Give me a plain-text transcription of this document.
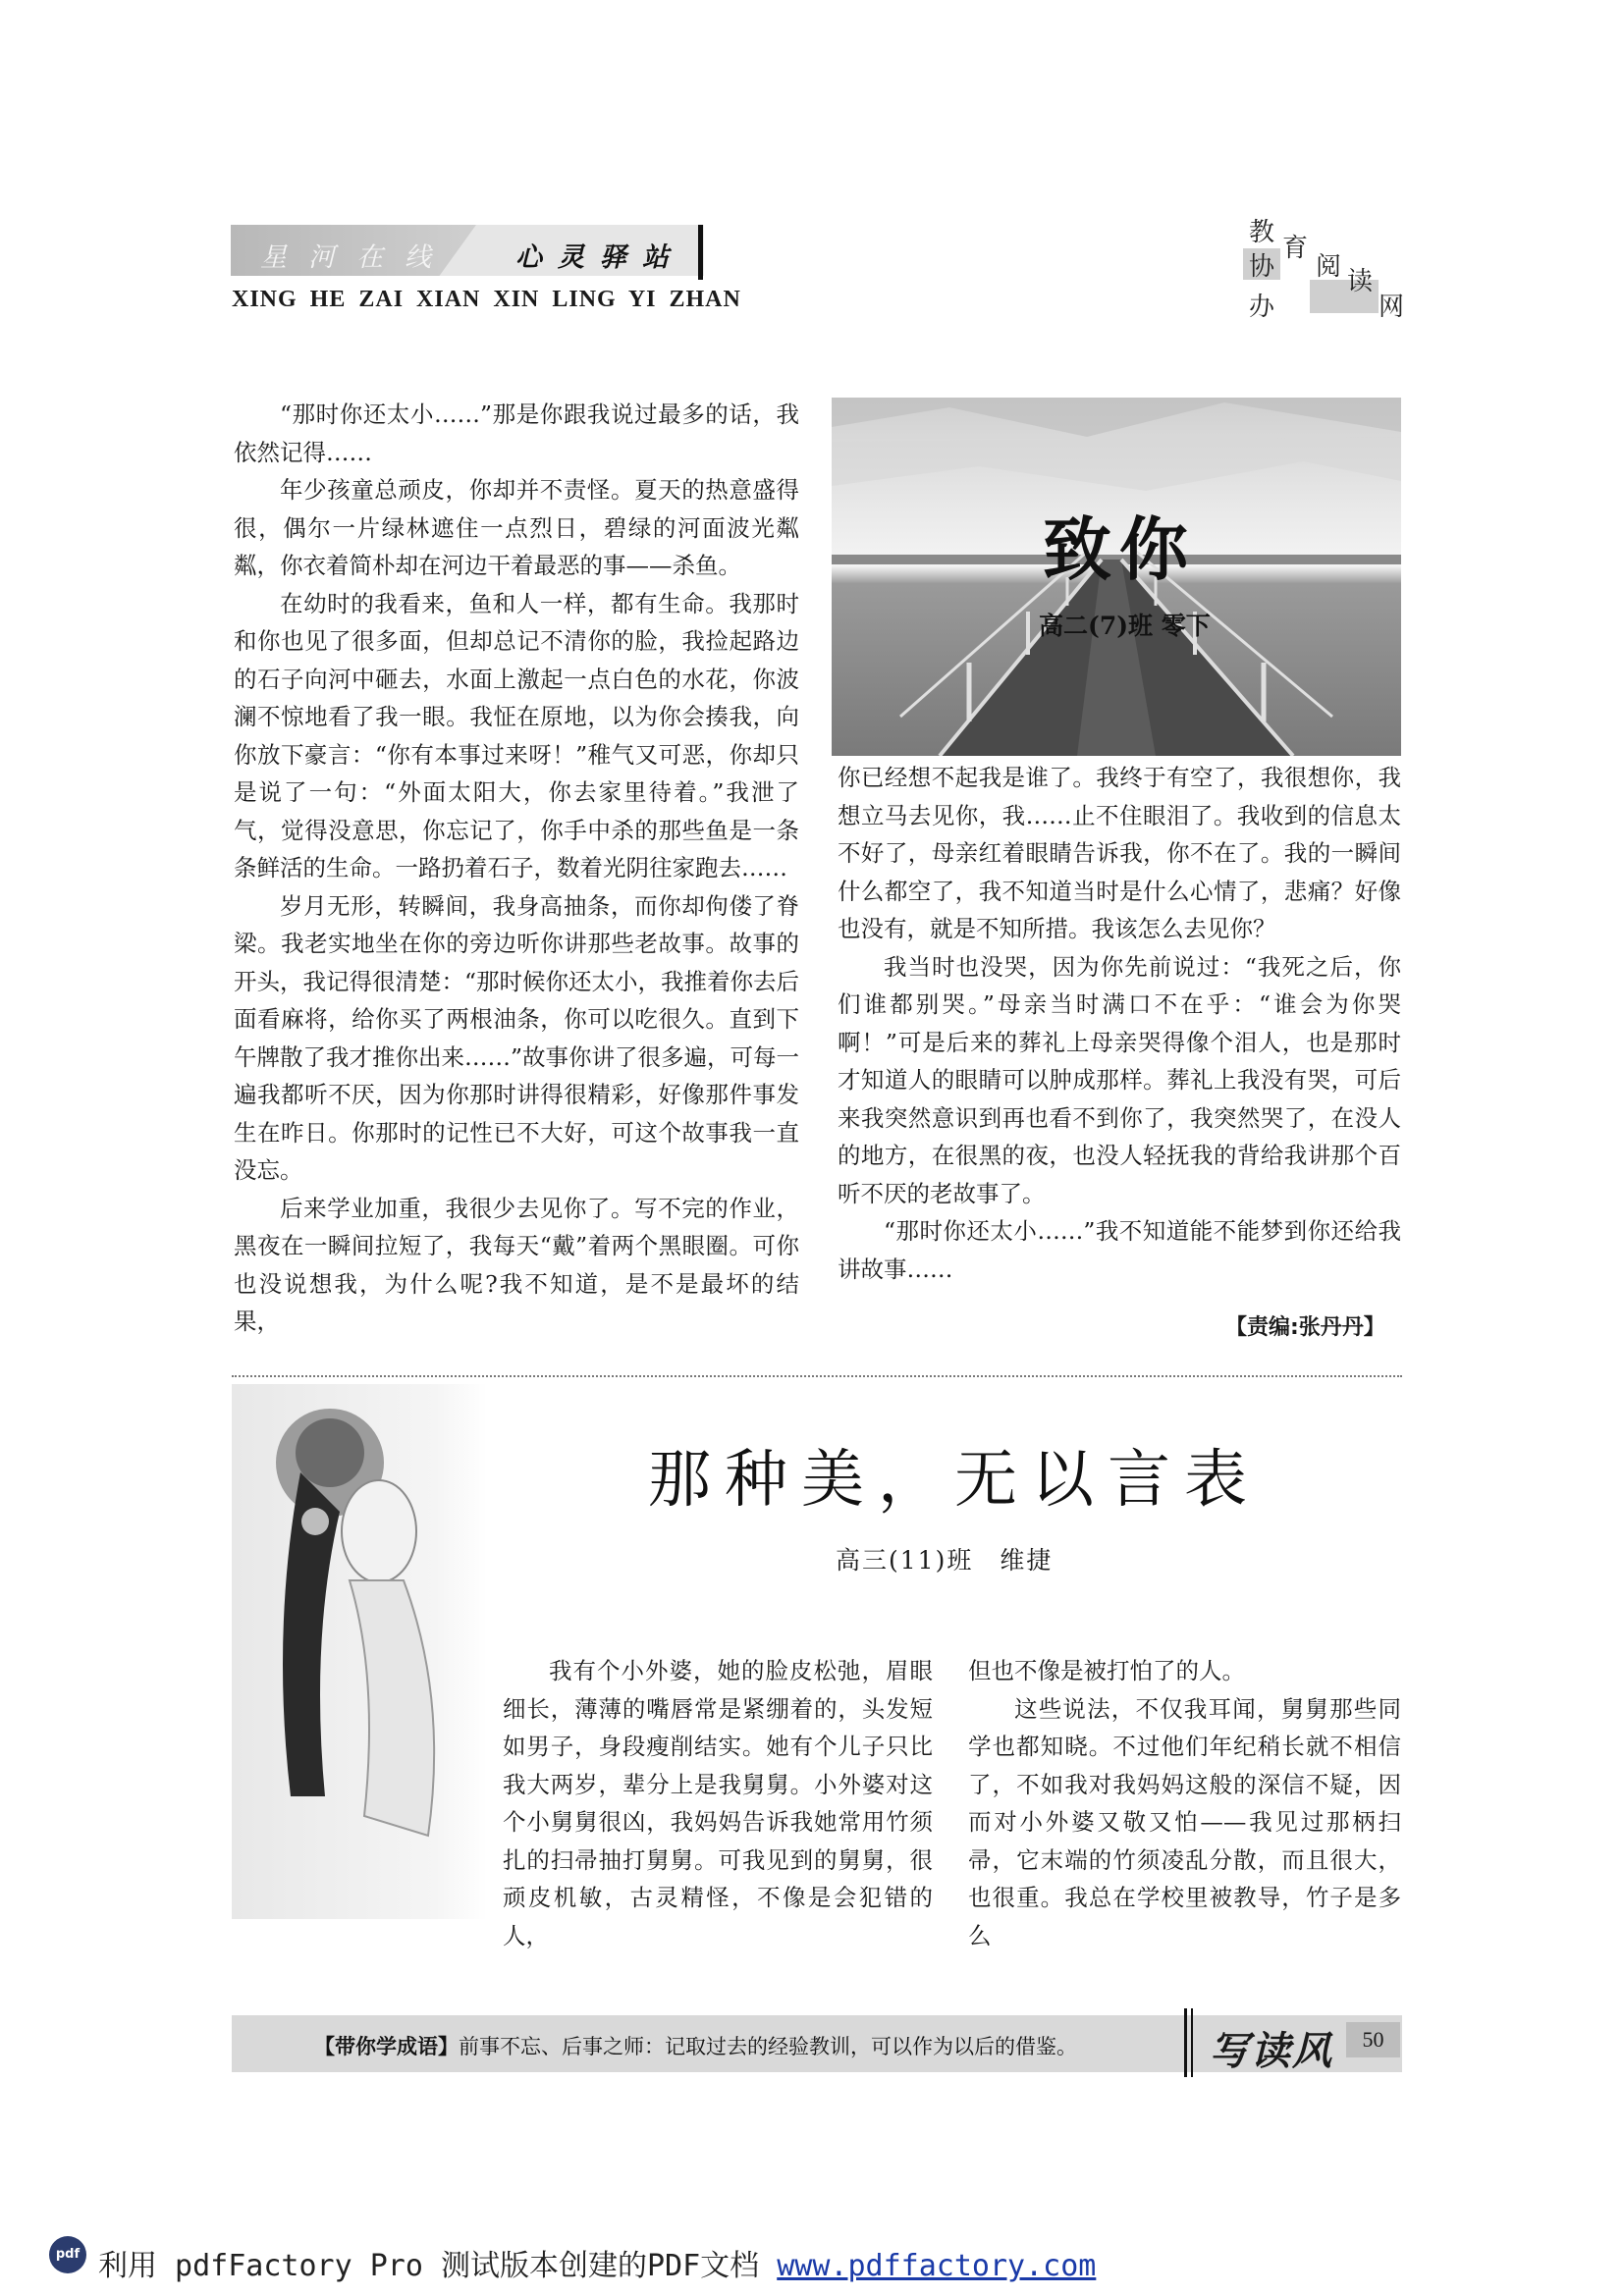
星河在线 心灵驿站
XING HE ZAI XIAN XIN LING YI ZHAN
教
育
协 阅 读
办	网

“那时你还太小……”那是你跟我说过最多的话，我依然记得……

年少孩童总顽皮，你却并不责怪。夏天的热意盛得很，偶尔一片绿林遮住一点烈日，碧绿的河面波光粼粼，你衣着简朴却在河边干着最恶的事——杀鱼。

在幼时的我看来，鱼和人一样，都有生命。我那时和你也见了很多面，但却总记不清你的脸，我捡起路边的石子向河中砸去，水面上激起一点白色的水花，你波澜不惊地看了我一眼。我怔在原地，以为你会揍我，向你放下豪言：“你有本事过来呀！”稚气又可恶，你却只是说了一句：“外面太阳大，你去家里待着。”我泄了气，觉得没意思，你忘记了，你手中杀的那些鱼是一条条鲜活的生命。一路扔着石子，数着光阴往家跑去……

岁月无形，转瞬间，我身高抽条，而你却佝偻了脊梁。我老实地坐在你的旁边听你讲那些老故事。故事的开头，我记得很清楚：“那时候你还太小，我推着你去后面看麻将，给你买了两根油条，你可以吃很久。直到下午牌散了我才推你出来……”故事你讲了很多遍，可每一遍我都听不厌，因为你那时讲得很精彩，好像那件事发生在昨日。你那时的记性已不大好，可这个故事我一直没忘。

后来学业加重，我很少去见你了。写不完的作业，黑夜在一瞬间拉短了，我每天“戴”着两个黑眼圈。可你也没说想我，为什么呢?我不知道，是不是最坏的结果，

致你
高二(7)班 零下

你已经想不起我是谁了。我终于有空了，我很想你，我想立马去见你，我……止不住眼泪了。我收到的信息太不好了，母亲红着眼睛告诉我，你不在了。我的一瞬间什么都空了，我不知道当时是什么心情了，悲痛？好像也没有，就是不知所措。我该怎么去见你？

我当时也没哭，因为你先前说过：“我死之后，你们谁都别哭。”母亲当时满口不在乎：“谁会为你哭啊！”可是后来的葬礼上母亲哭得像个泪人，也是那时才知道人的眼睛可以肿成那样。葬礼上我没有哭，可后来我突然意识到再也看不到你了，我突然哭了，在没人的地方，在很黑的夜，也没人轻抚我的背给我讲那个百听不厌的老故事了。

“那时你还太小……”我不知道能不能梦到你还给我讲故事……

【责编:张丹丹】
那种美，无以言表
高三(11)班　维捷

我有个小外婆，她的脸皮松弛，眉眼细长，薄薄的嘴唇常是紧绷着的，头发短如男子，身段瘦削结实。她有个儿子只比我大两岁，辈分上是我舅舅。小外婆对这个小舅舅很凶，我妈妈告诉我她常用竹须扎的扫帚抽打舅舅。可我见到的舅舅，很顽皮机敏，古灵精怪，不像是会犯错的人，

但也不像是被打怕了的人。

这些说法，不仅我耳闻，舅舅那些同学也都知晓。不过他们年纪稍长就不相信了，不如我对我妈妈这般的深信不疑，因而对小外婆又敬又怕——我见过那柄扫帚，它末端的竹须凌乱分散，而且很大，也很重。我总在学校里被教导，竹子是多么

【带你学成语】前事不忘、后事之师：记取过去的经验教训，可以作为以后的借鉴。	写读风	50
pdf 利用 pdfFactory Pro 测试版本创建的PDF文档 www.pdffactory.com
